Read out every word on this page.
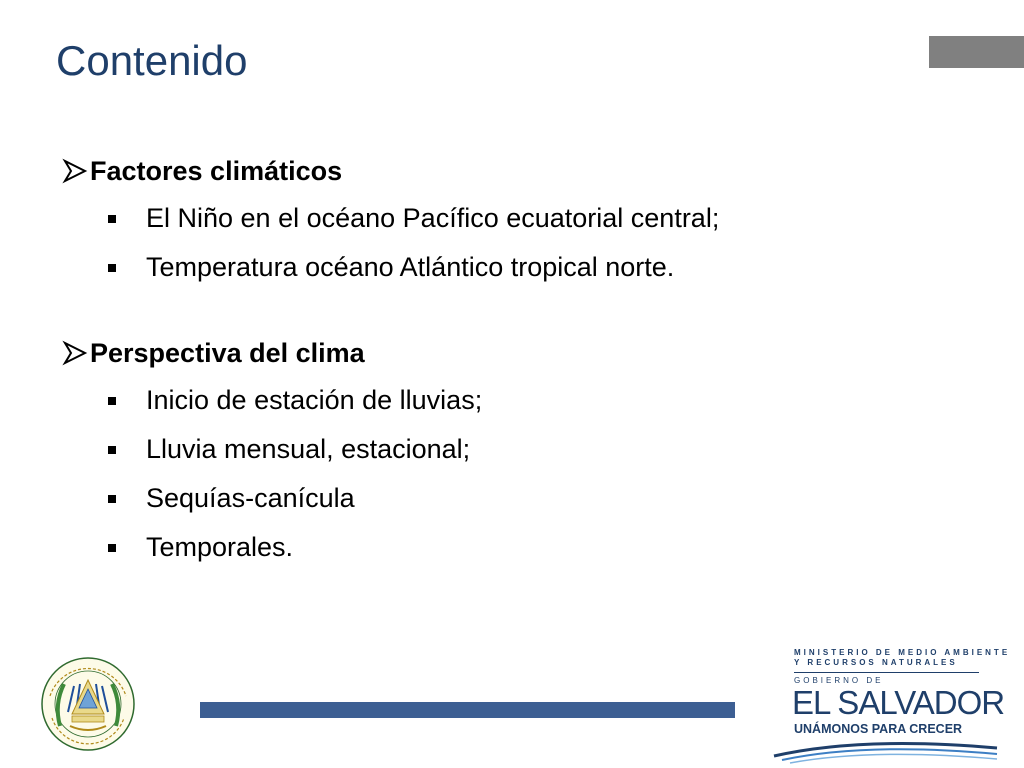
Contenido
Factores climáticos
El Niño en el océano Pacífico ecuatorial central;
Temperatura océano Atlántico tropical norte.
Perspectiva del clima
Inicio de estación de lluvias;
Lluvia mensual, estacional;
Sequías-canícula
Temporales.
MINISTERIO DE MEDIO AMBIENTE
Y RECURSOS NATURALES
GOBIERNO DE
EL SALVADOR
UNÁMONOS PARA CRECER
